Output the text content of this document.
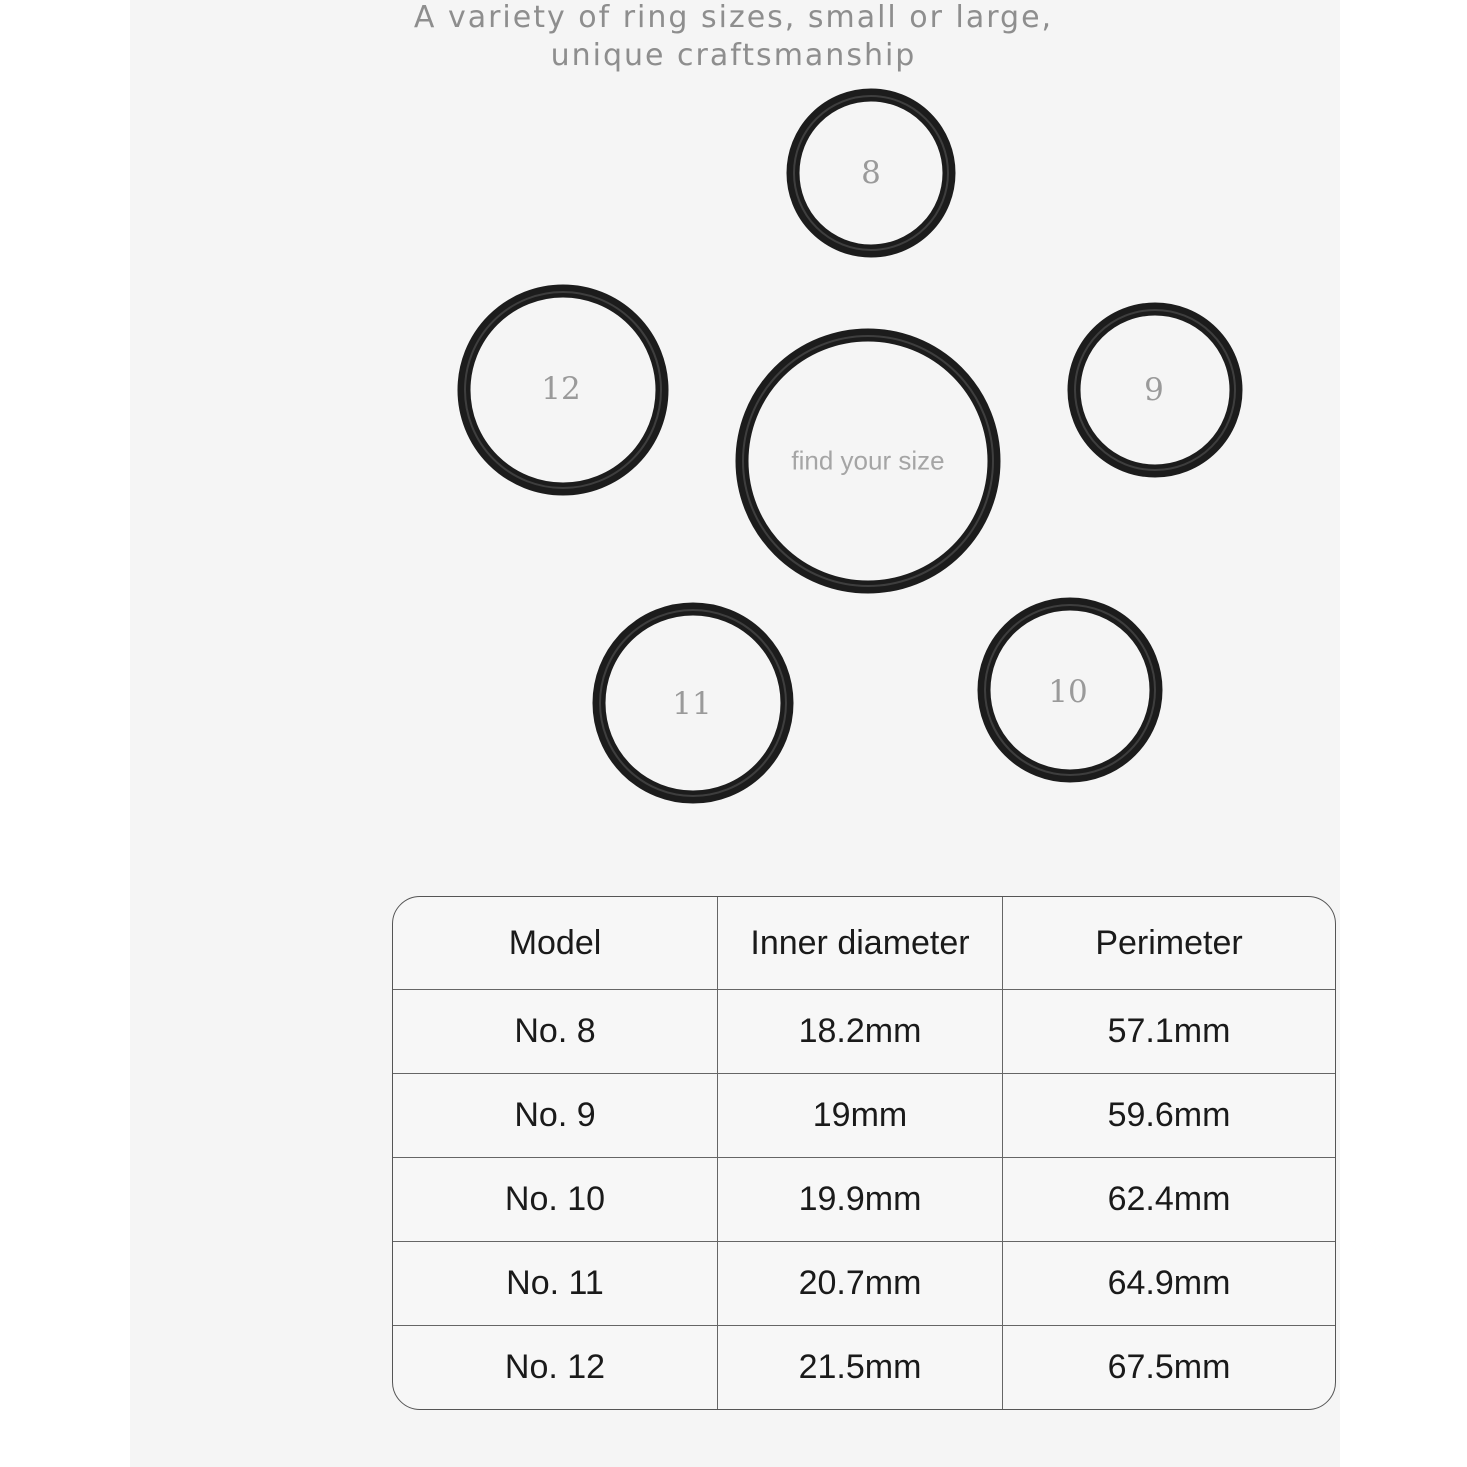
A variety of ring sizes, small or large,
unique craftsmanship
8
12
find your size
9
11	10
Model	Inner diameter	Perimeter
No. 8	18.2mm	57.1mm
No. 9	19mm	59.6mm
No. 10	19.9mm	62.4mm
No. 11	20.7mm	64.9mm
No. 12	21.5mm	67.5mm
